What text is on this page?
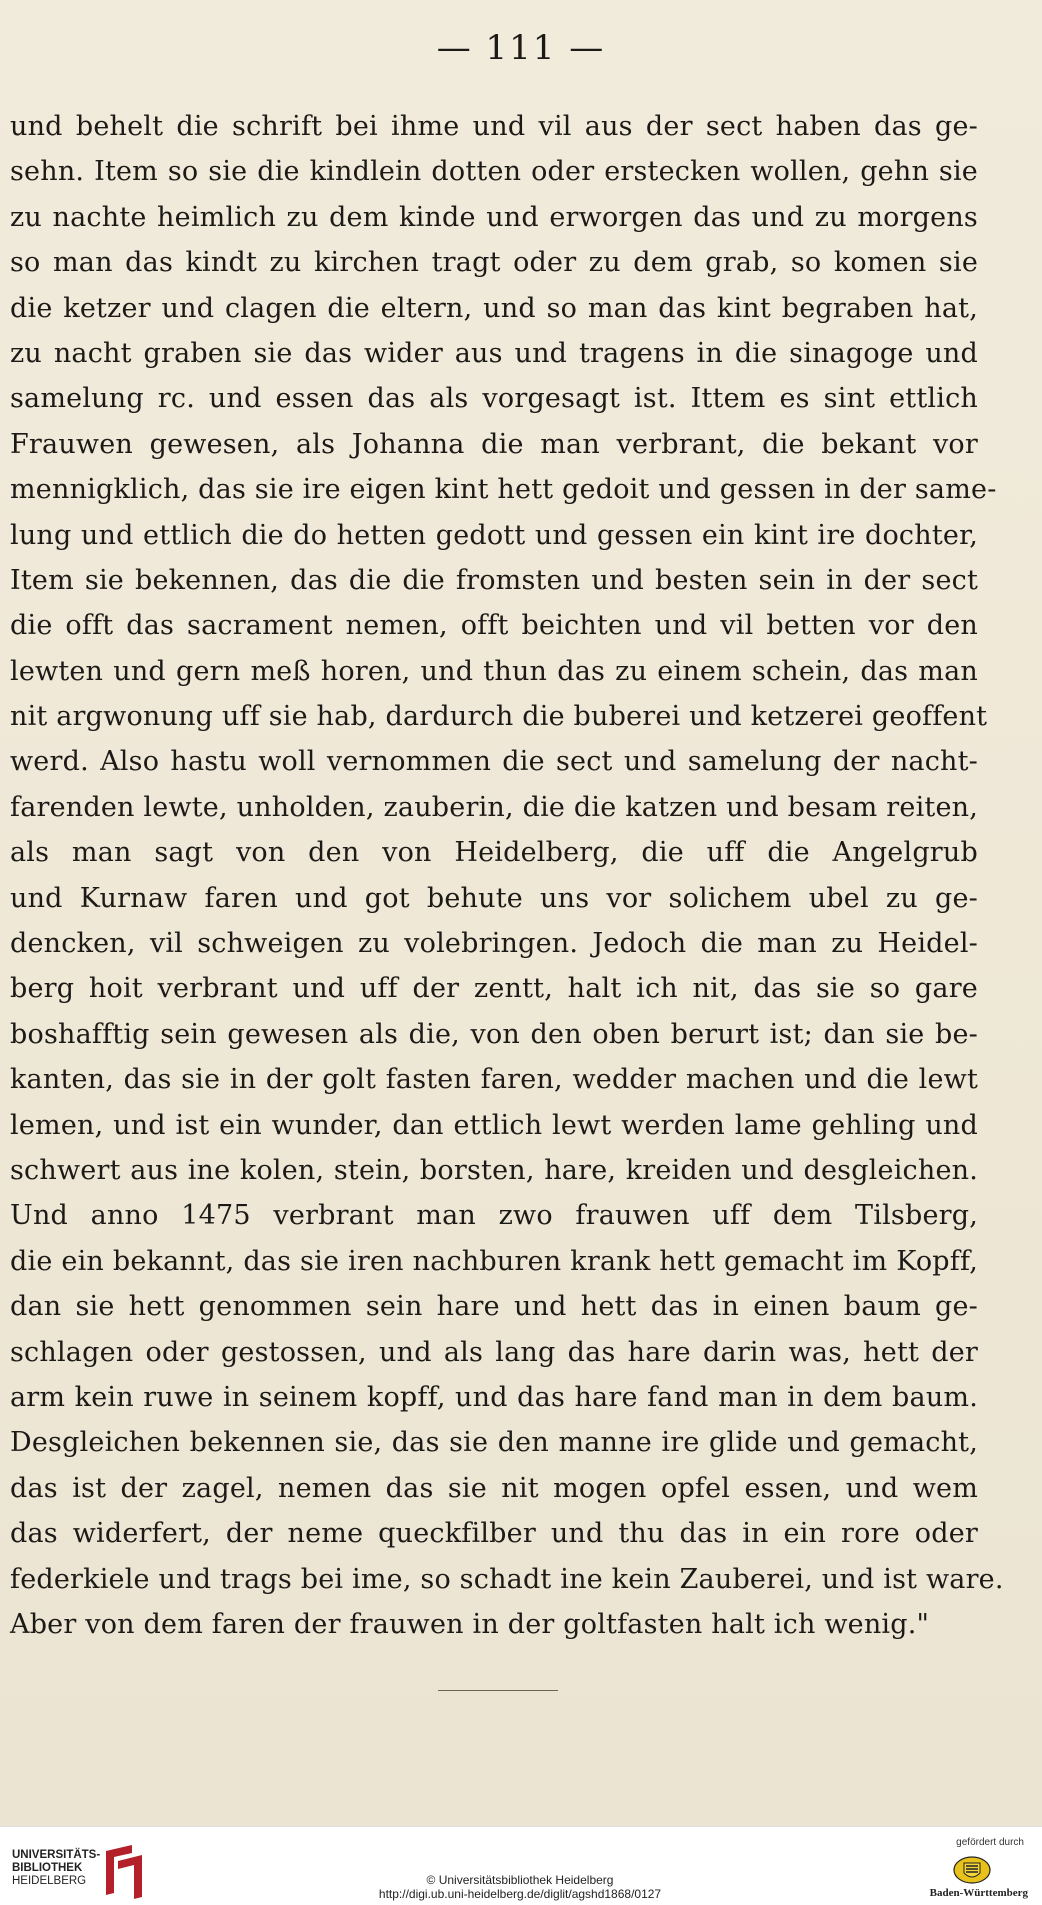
— 111 —
und behelt die schrift bei ihme und vil aus der sect haben das ge-
sehn. Item so sie die kindlein dotten oder erstecken wollen, gehn sie
zu nachte heimlich zu dem kinde und erworgen das und zu morgens
so man das kindt zu kirchen tragt oder zu dem grab, so komen sie
die ketzer und clagen die eltern, und so man das kint begraben hat,
zu nacht graben sie das wider aus und tragens in die sinagoge und
samelung rc. und essen das als vorgesagt ist. Ittem es sint ettlich
Frauwen gewesen, als Johanna die man verbrant, die bekant vor
mennigklich, das sie ire eigen kint hett gedoit und gessen in der same-
lung und ettlich die do hetten gedott und gessen ein kint ire dochter,
Item sie bekennen, das die die fromsten und besten sein in der sect
die offt das sacrament nemen, offt beichten und vil betten vor den
lewten und gern meß horen, und thun das zu einem schein, das man
nit argwonung uff sie hab, dardurch die buberei und ketzerei geoffent
werd. Also hastu woll vernommen die sect und samelung der nacht-
farenden lewte, unholden, zauberin, die die katzen und besam reiten,
als man sagt von den von Heidelberg, die uff die Angelgrub
und Kurnaw faren und got behute uns vor solichem ubel zu ge-
dencken, vil schweigen zu volebringen. Jedoch die man zu Heidel-
berg hoit verbrant und uff der zentt, halt ich nit, das sie so gare
boshafftig sein gewesen als die, von den oben berurt ist; dan sie be-
kanten, das sie in der golt fasten faren, wedder machen und die lewt
lemen, und ist ein wunder, dan ettlich lewt werden lame gehling und
schwert aus ine kolen, stein, borsten, hare, kreiden und desgleichen.
Und anno 1475 verbrant man zwo frauwen uff dem Tilsberg,
die ein bekannt, das sie iren nachburen krank hett gemacht im Kopff,
dan sie hett genommen sein hare und hett das in einen baum ge-
schlagen oder gestossen, und als lang das hare darin was, hett der
arm kein ruwe in seinem kopff, und das hare fand man in dem baum.
Desgleichen bekennen sie, das sie den manne ire glide und gemacht,
das ist der zagel, nemen das sie nit mogen opfel essen, und wem
das widerfert, der neme queckfilber und thu das in ein rore oder
federkiele und trags bei ime, so schadt ine kein Zauberei, und ist ware.
Aber von dem faren der frauwen in der goltfasten halt ich wenig."
UNIVERSITÄTS-
BIBLIOTHEK
HEIDELBERG	© Universitätsbibliothek Heidelberg
http://digi.ub.uni-heidelberg.de/diglit/agshd1868/0127
gefördert durch
Baden-Württemberg
